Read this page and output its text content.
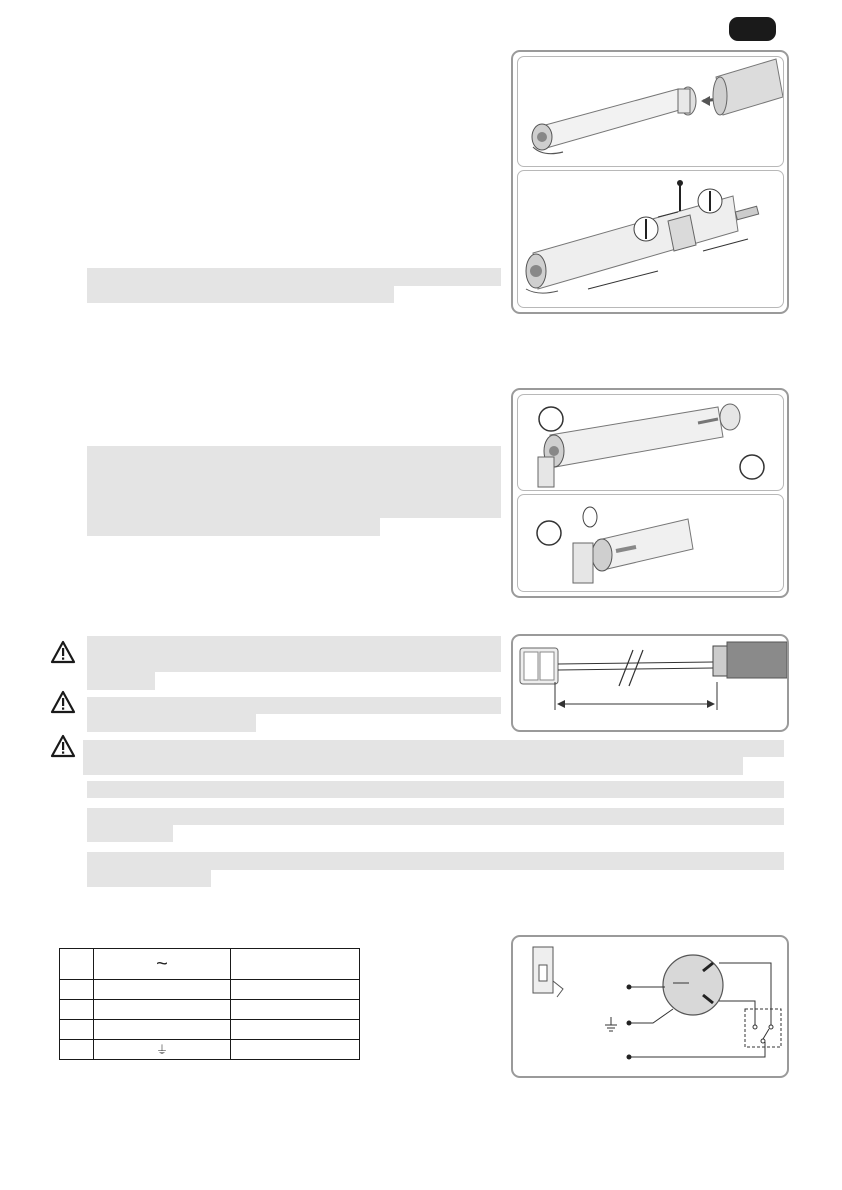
	~	

	⏚	
